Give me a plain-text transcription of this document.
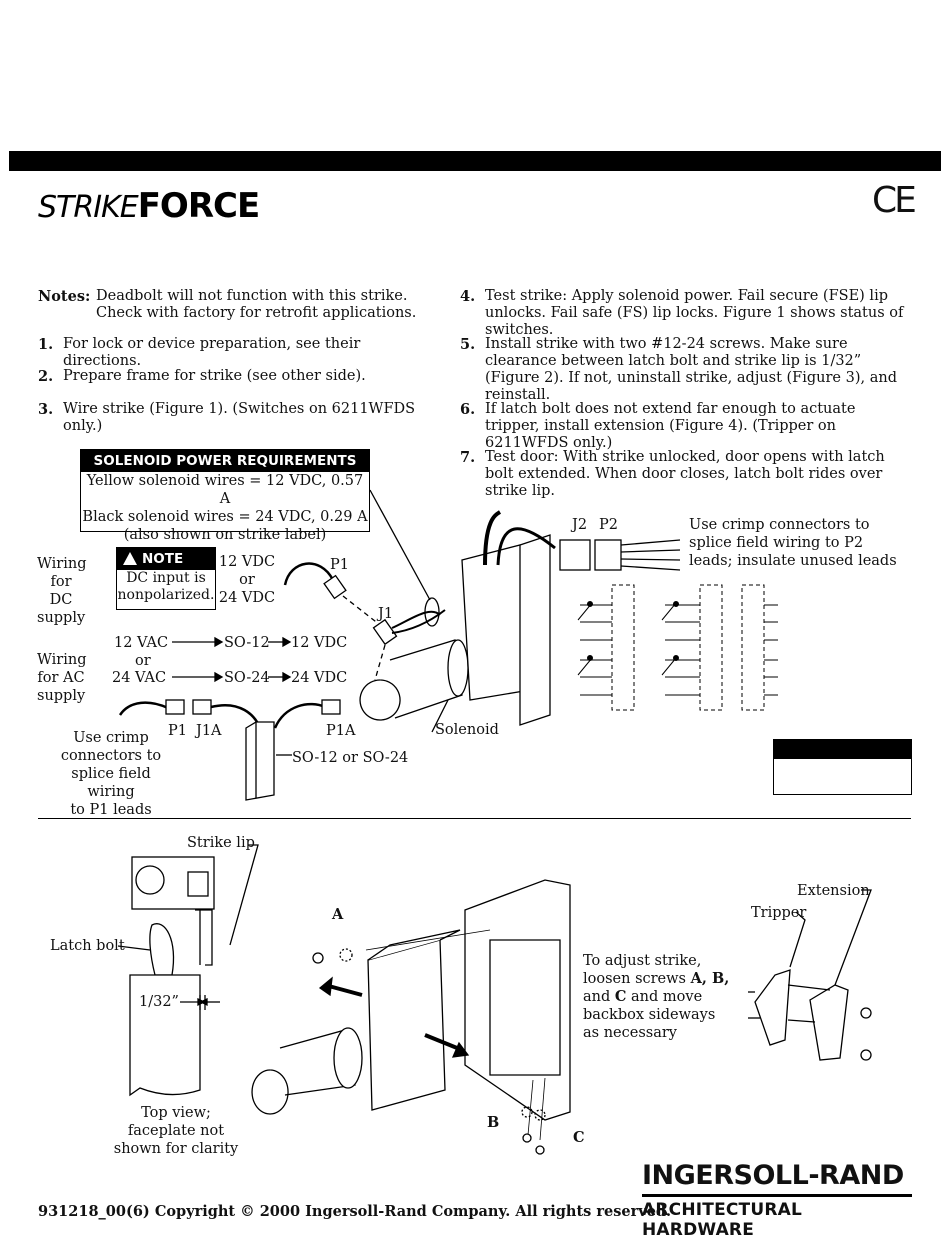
STRIKEFORCE	CE
Notes: Deadbolt will not function with this strike.
Check with factory for retrofit applications.
1. For lock or device preparation, see their directions.
2. Prepare frame for strike (see other side).
3. Wire strike (Figure 1). (Switches on 6211WFDS only.)
4. Test strike: Apply solenoid power. Fail secure (FSE) lip unlocks. Fail safe (FS) lip locks. Figure 1 shows status of switches.
5. Install strike with two #12-24 screws. Make sure clearance between latch bolt and strike lip is 1/32” (Figure 2). If not, uninstall strike, adjust (Figure 3), and reinstall.
6. If latch bolt does not extend far enough to actuate tripper, install extension (Figure 4). (Tripper on 6211WFDS only.)
7. Test door: With strike unlocked, door opens with latch bolt extended. When door closes, latch bolt rides over strike lip.
SOLENOID POWER REQUIREMENTS
Yellow solenoid wires = 12 VDC, 0.57 A
Black solenoid wires = 24 VDC, 0.29 A
(also shown on strike label)
NOTE
DC input is
nonpolarized.
Wiring
for DC
supply
Wiring
for AC
supply
12 VDC
or
24 VDC
P1
J1
12 VAC
or
24 VAC
SO-12
SO-24
12 VDC
24 VDC
P1 J1A	P1A
SO-12 or SO-24
Use crimp
connectors to
splice field wiring
to P1 leads
Solenoid
J2 P2	Use crimp connectors to
splice field wiring to P2
leads; insulate unused leads
Strike lip
Latch bolt
1/32”
Top view;
faceplate not
shown for clarity
A
B
C
To adjust strike,
loosen screws A, B,
and C and move
backbox sideways
as necessary
Extension
Tripper
931218_00(6) Copyright © 2000 Ingersoll-Rand Company. All rights reserved.
INGERSOLL-RAND
ARCHITECTURAL HARDWARE
